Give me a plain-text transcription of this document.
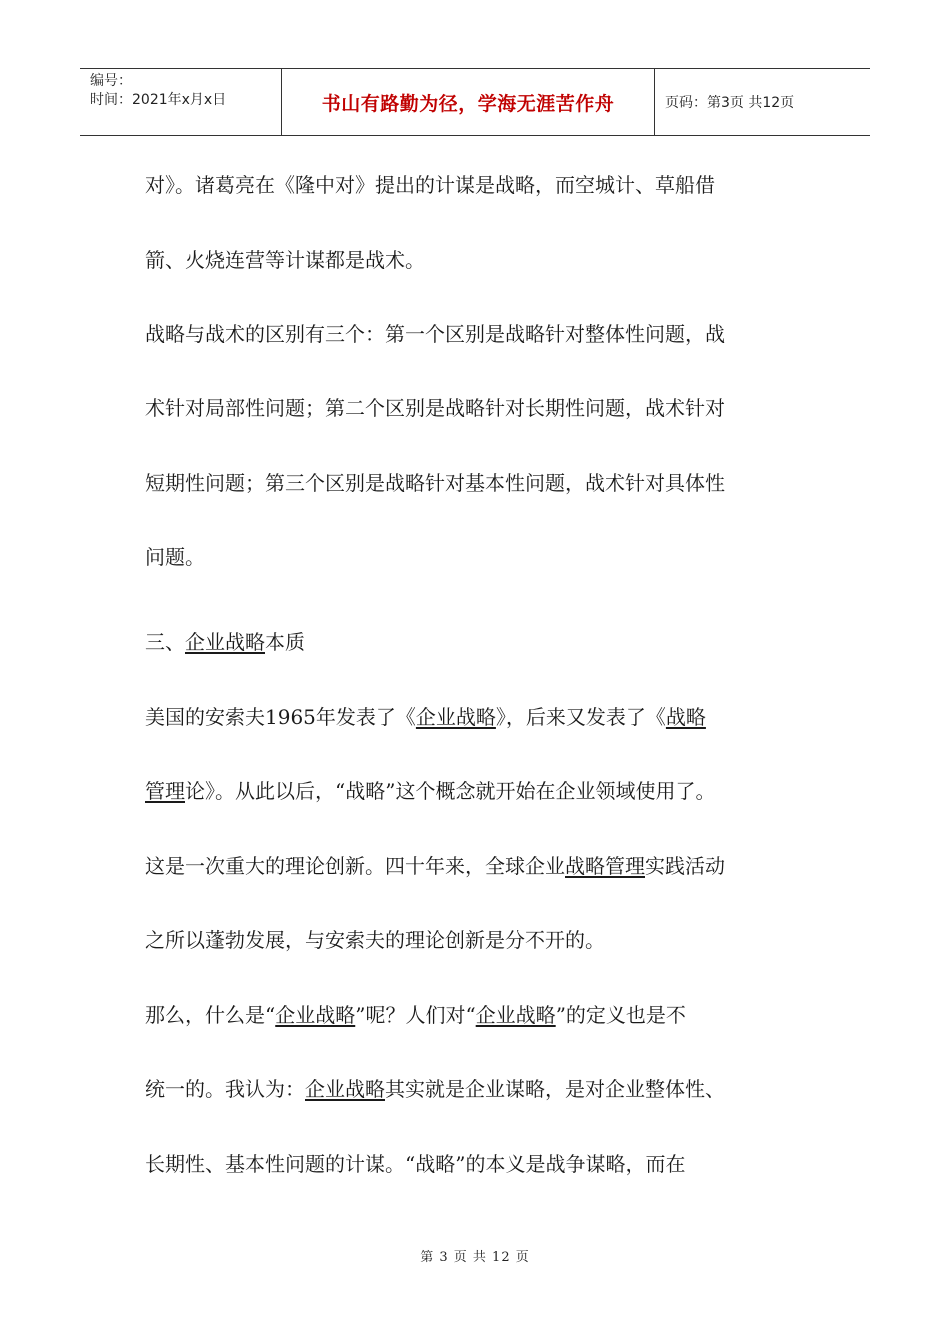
编号：
时间：2021年x月x日	书山有路勤为径，学海无涯苦作舟	页码：第3页 共12页
对》。诸葛亮在《隆中对》提出的计谋是战略，而空城计、草船借
箭、火烧连营等计谋都是战术。
战略与战术的区别有三个：第一个区别是战略针对整体性问题，战
术针对局部性问题；第二个区别是战略针对长期性问题，战术针对
短期性问题；第三个区别是战略针对基本性问题，战术针对具体性
问题。
三、企业战略本质
美国的安索夫1965年发表了《企业战略》，后来又发表了《战略
管理论》。从此以后，“战略”这个概念就开始在企业领域使用了。
这是一次重大的理论创新。四十年来，全球企业战略管理实践活动
之所以蓬勃发展，与安索夫的理论创新是分不开的。
那么，什么是“企业战略”呢？人们对“企业战略”的定义也是不
统一的。我认为：企业战略其实就是企业谋略，是对企业整体性、
长期性、基本性问题的计谋。“战略”的本义是战争谋略，而在
第 3 页 共 12 页
